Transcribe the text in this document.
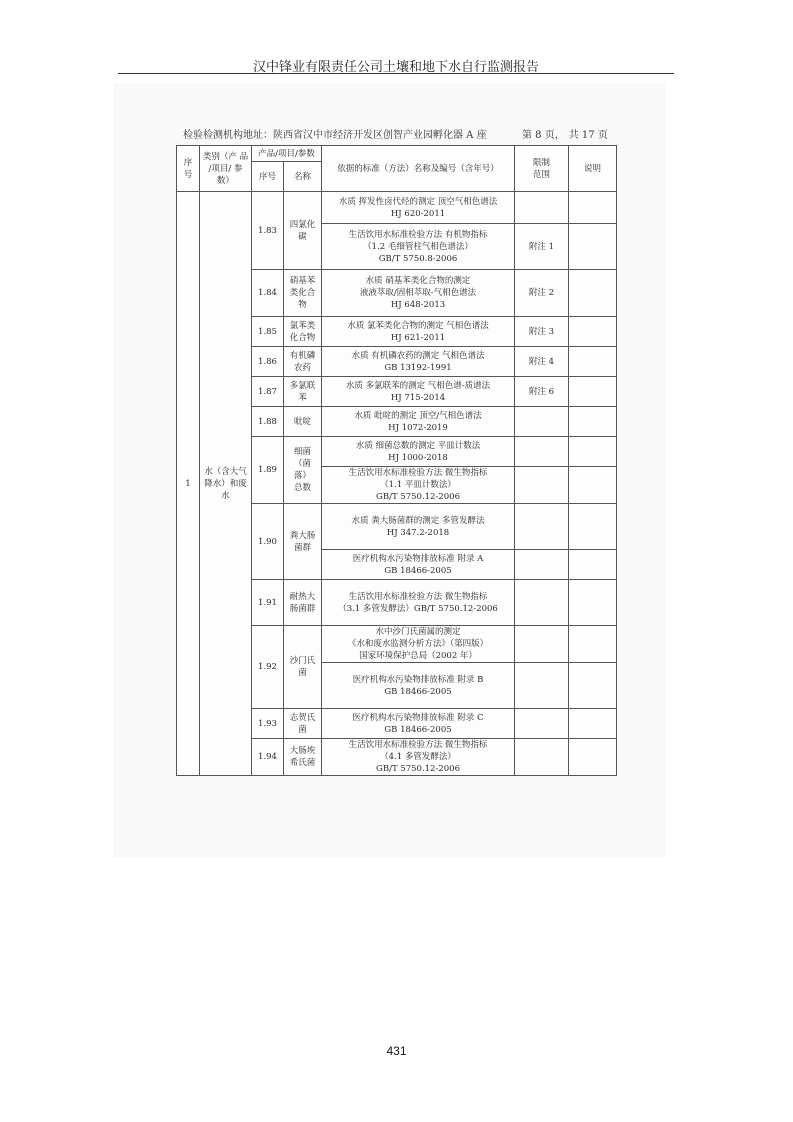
汉中锋业有限责任公司土壤和地下水自行监测报告
检验检测机构地址：陕西省汉中市经济开发区创智产业园孵化器 A 座	第 8 页， 共 17 页
序
号	类别（产 品
/项目/ 参
数）	产品/项目/参数		依据的标准（方法）名称及编号（含年号）	限制
范围	说明
		序号	名称			
1	水（含大气
降水）和废
水	1.83	四氯化
碳	水质 挥发性卤代烃的测定 顶空气相色谱法
HJ 620-2011		

				生活饮用水标准检验方法 有机物指标
（1.2 毛细管柱气相色谱法）
GB/T 5750.8-2006	附注 1	
		1.84	硝基苯
类化合
物	水质 硝基苯类化合物的测定
液液萃取/固相萃取-气相色谱法
HJ 648-2013	附注 2	
		1.85	氯苯类
化合物	水质 氯苯类化合物的测定 气相色谱法
HJ 621-2011	附注 3	
		1.86	有机磷
农药	水质 有机磷农药的测定 气相色谱法
GB 13192-1991	附注 4	
		1.87	多氯联
苯	水质 多氯联苯的测定 气相色谱-质谱法
HJ 715-2014	附注 6	
		1.88	吡啶	水质 吡啶的测定 顶空/气相色谱法
HJ 1072-2019		

		1.89	细菌（菌
落）
总数	水质 细菌总数的测定 平皿计数法
HJ 1000-2018		

				生活饮用水标准检验方法 微生物指标
（1.1 平皿计数法）
GB/T 5750.12-2006		

		1.90	粪大肠
菌群	水质 粪大肠菌群的测定 多管发酵法
HJ 347.2-2018		

				医疗机构水污染物排放标准 附录 A
GB 18466-2005		

		1.91	耐热大
肠菌群	生活饮用水标准检验方法 微生物指标
（3.1 多管发酵法）GB/T 5750.12-2006		

		1.92	沙门氏
菌	水中沙门氏菌属的测定
《水和废水监测分析方法》（第四版）
国家环境保护总局（2002 年）		

				医疗机构水污染物排放标准 附录 B
GB 18466-2005		

		1.93	志贺氏
菌	医疗机构水污染物排放标准 附录 C
GB 18466-2005		

		1.94	大肠埃
希氏菌	生活饮用水标准检验方法 微生物指标
（4.1 多管发酵法）
GB/T 5750.12-2006		

431
